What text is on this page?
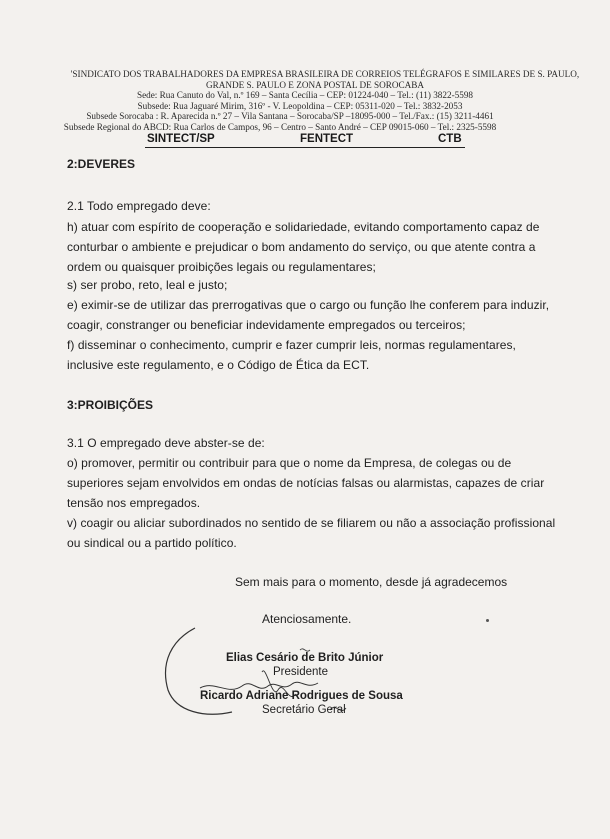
'SINDICATO DOS TRABALHADORES DA EMPRESA BRASILEIRA DE CORREIOS TELÉGRAFOS E SIMILARES DE S. PAULO,
GRANDE S. PAULO E ZONA POSTAL DE SOROCABA
Sede: Rua Canuto do Val, n.º 169 – Santa Cecília – CEP: 01224-040 – Tel.: (11) 3822-5598
Subsede: Rua Jaguaré Mirim, 316º - V. Leopoldina – CEP: 05311-020 – Tel.: 3832-2053
Subsede Sorocaba : R. Aparecida n.º 27 – Vila Santana – Sorocaba/SP –18095-000 – Tel./Fax.: (15) 3211-4461
Subsede Regional do ABCD: Rua Carlos de Campos, 96 – Centro – Santo André – CEP 09015-060 – Tel.: 2325-5598
SINTECT/SP	FENTECT	CTB
2:DEVERES
2.1 Todo empregado deve:
h) atuar com espírito de cooperação e solidariedade, evitando comportamento capaz de
conturbar o ambiente e prejudicar o bom andamento do serviço, ou que atente contra a
ordem ou quaisquer proibições legais ou regulamentares;
s) ser probo, reto, leal e justo;
e) eximir-se de utilizar das prerrogativas que o cargo ou função lhe conferem para induzir,
coagir, constranger ou beneficiar indevidamente empregados ou terceiros;
f) disseminar o conhecimento, cumprir e fazer cumprir leis, normas regulamentares,
inclusive este regulamento, e o Código de Ética da ECT.
3:PROIBIÇÕES
3.1 O empregado deve abster-se de:
o) promover, permitir ou contribuir para que o nome da Empresa, de colegas ou de
superiores sejam envolvidos em ondas de notícias falsas ou alarmistas, capazes de criar
tensão nos empregados.
v) coagir ou aliciar subordinados no sentido de se filiarem ou não a associação profissional
ou sindical ou a partido político.
Sem mais para o momento, desde já agradecemos
Atenciosamente.
Elias Cesário de Brito Júnior
Presidente
Ricardo Adriane Rodrigues de Sousa
Secretário Geral
